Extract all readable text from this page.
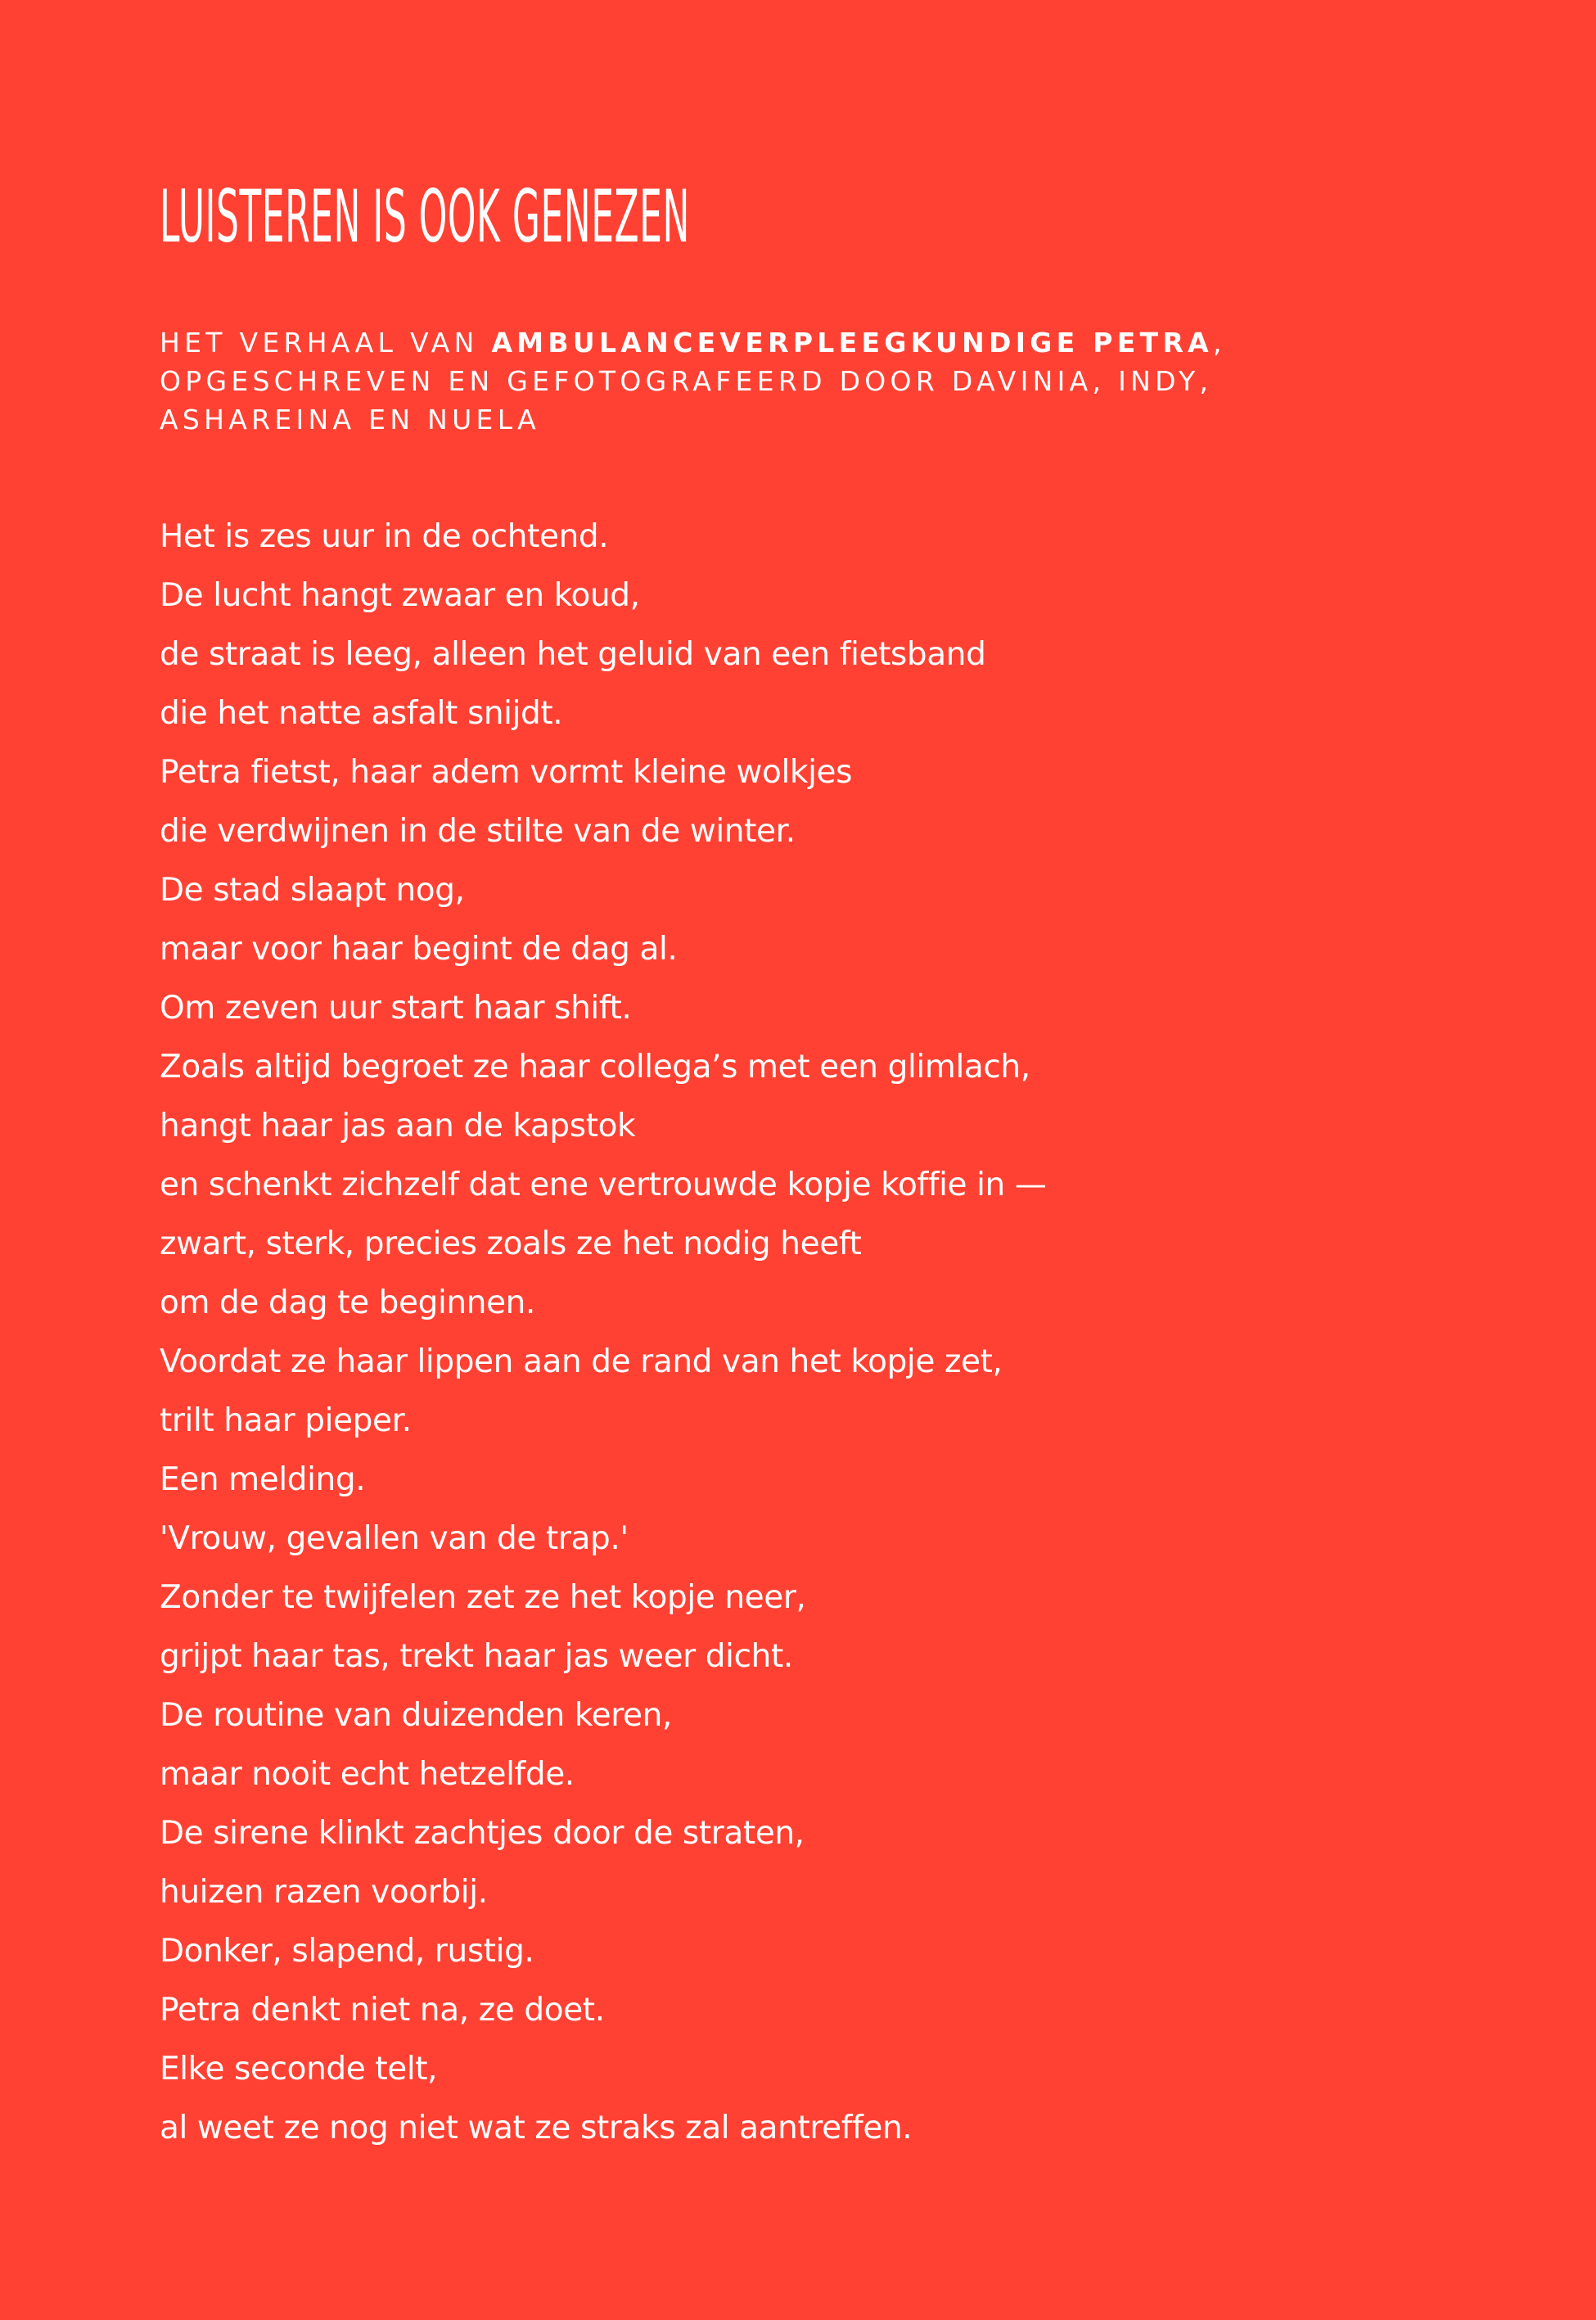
LUISTEREN IS OOK GENEZEN
HET VERHAAL VAN AMBULANCEVERPLEEGKUNDIGE PETRA,
OPGESCHREVEN EN GEFOTOGRAFEERD DOOR DAVINIA, INDY,
ASHAREINA EN NUELA
Het is zes uur in de ochtend.
De lucht hangt zwaar en koud,
de straat is leeg, alleen het geluid van een fietsband
die het natte asfalt snijdt.
Petra fietst, haar adem vormt kleine wolkjes
die verdwijnen in de stilte van de winter.
De stad slaapt nog,
maar voor haar begint de dag al.
Om zeven uur start haar shift.
Zoals altijd begroet ze haar collega’s met een glimlach,
hangt haar jas aan de kapstok
en schenkt zichzelf dat ene vertrouwde kopje koffie in —
zwart, sterk, precies zoals ze het nodig heeft
om de dag te beginnen.
Voordat ze haar lippen aan de rand van het kopje zet,
trilt haar pieper.
Een melding.
'Vrouw, gevallen van de trap.'
Zonder te twijfelen zet ze het kopje neer,
grijpt haar tas, trekt haar jas weer dicht.
De routine van duizenden keren,
maar nooit echt hetzelfde.
De sirene klinkt zachtjes door de straten,
huizen razen voorbij.
Donker, slapend, rustig.
Petra denkt niet na, ze doet.
Elke seconde telt,
al weet ze nog niet wat ze straks zal aantreffen.
